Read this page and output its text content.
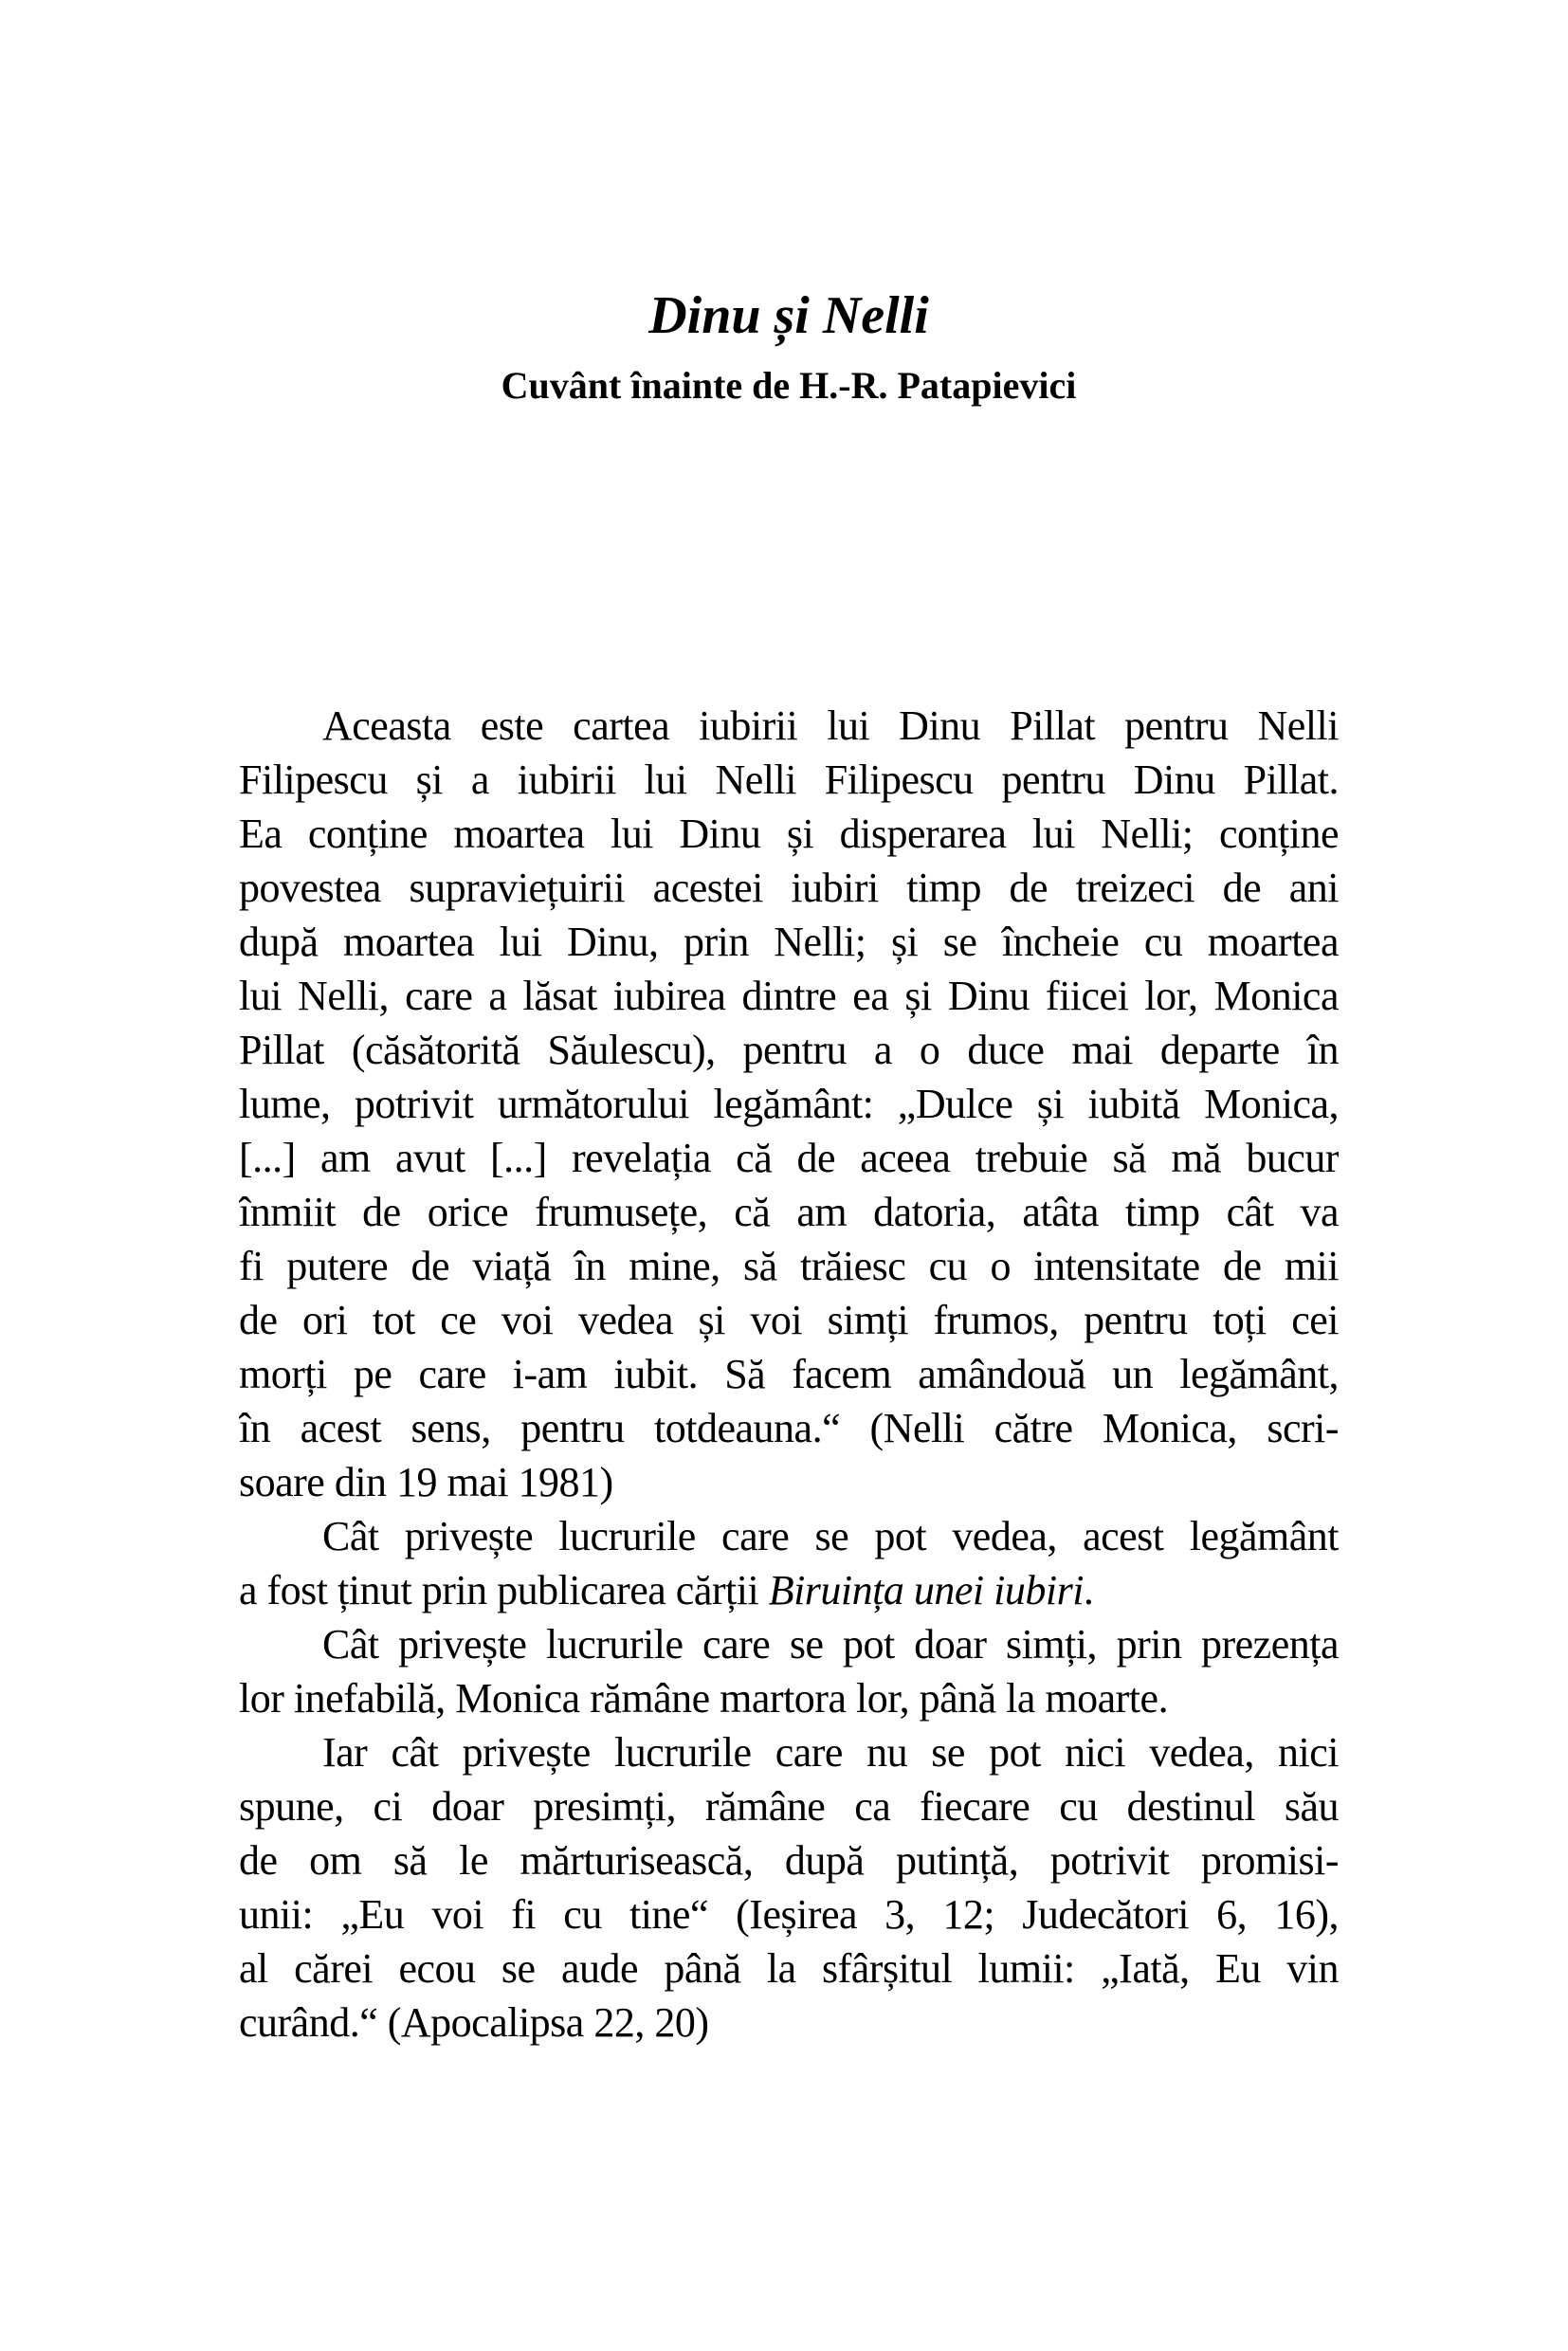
Dinu și Nelli
Cuvânt înainte de H.-R. Patapievici
Aceasta este cartea iubirii lui Dinu Pillat pentru Nelli
Filipescu și a iubirii lui Nelli Filipescu pentru Dinu Pillat.
Ea conține moartea lui Dinu și disperarea lui Nelli; conține
povestea supraviețuirii acestei iubiri timp de treizeci de ani
după moartea lui Dinu, prin Nelli; și se încheie cu moartea
lui Nelli, care a lăsat iubirea dintre ea și Dinu fiicei lor, Monica
Pillat (căsătorită Săulescu), pentru a o duce mai departe în
lume, potrivit următorului legământ: „Dulce și iubită Monica,
[...] am avut [...] revelația că de aceea trebuie să mă bucur
înmiit de orice frumusețe, că am datoria, atâta timp cât va
fi putere de viață în mine, să trăiesc cu o intensitate de mii
de ori tot ce voi vedea și voi simți frumos, pentru toți cei
morți pe care i-am iubit. Să facem amândouă un legământ,
în acest sens, pentru totdeauna.“ (Nelli către Monica, scri-
soare din 19 mai 1981)
Cât privește lucrurile care se pot vedea, acest legământ
a fost ținut prin publicarea cărții Biruința unei iubiri.
Cât privește lucrurile care se pot doar simți, prin prezența
lor inefabilă, Monica rămâne martora lor, până la moarte.
Iar cât privește lucrurile care nu se pot nici vedea, nici
spune, ci doar presimți, rămâne ca fiecare cu destinul său
de om să le mărturisească, după putință, potrivit promisi-
unii: „Eu voi fi cu tine“ (Ieșirea 3, 12; Judecători 6, 16),
al cărei ecou se aude până la sfârșitul lumii: „Iată, Eu vin
curând.“ (Apocalipsa 22, 20)
